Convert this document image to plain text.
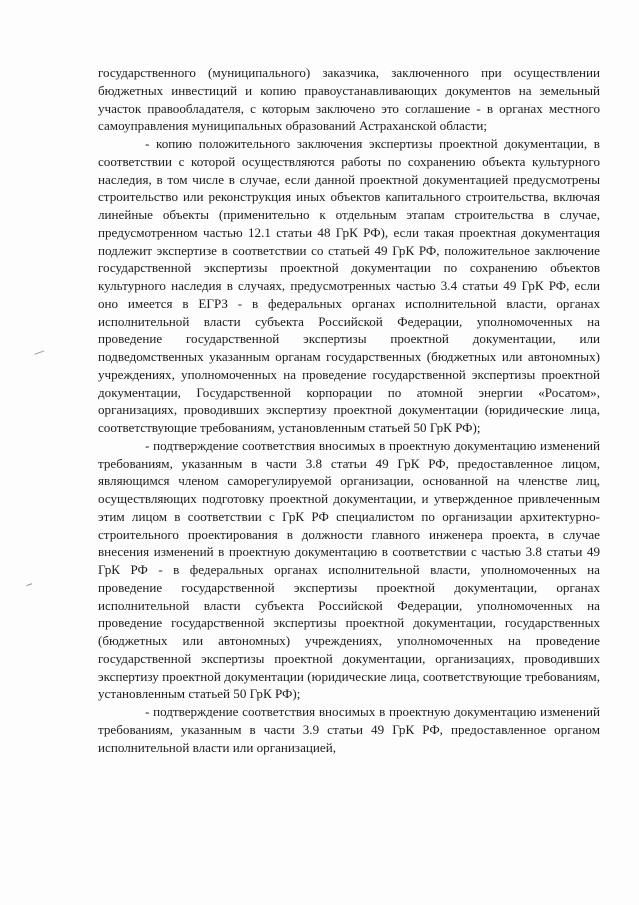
государственного (муниципального) заказчика, заключенного при осуществлении бюджетных инвестиций и копию правоустанавливающих документов на земельный участок правообладателя, с которым заключено это соглашение - в органах местного самоуправления муниципальных образований Астраханской области;

- копию положительного заключения экспертизы проектной документации, в соответствии с которой осуществляются работы по сохранению объекта культурного наследия, в том числе в случае, если данной проектной документацией предусмотрены строительство или реконструкция иных объектов капитального строительства, включая линейные объекты (применительно к отдельным этапам строительства в случае, предусмотренном частью 12.1 статьи 48 ГрК РФ), если такая проектная документация подлежит экспертизе в соответствии со статьей 49 ГрК РФ, положительное заключение государственной экспертизы проектной документации по сохранению объектов культурного наследия в случаях, предусмотренных частью 3.4 статьи 49 ГрК РФ, если оно имеется в ЕГРЗ - в федеральных органах исполнительной власти, органах исполнительной власти субъекта Российской Федерации, уполномоченных на проведение государственной экспертизы проектной документации, или подведомственных указанным органам государственных (бюджетных или автономных) учреждениях, уполномоченных на проведение государственной экспертизы проектной документации, Государственной корпорации по атомной энергии «Росатом», организациях, проводивших экспертизу проектной документации (юридические лица, соответствующие требованиям, установленным статьей 50 ГрК РФ);

- подтверждение соответствия вносимых в проектную документацию изменений требованиям, указанным в части 3.8 статьи 49 ГрК РФ, предоставленное лицом, являющимся членом саморегулируемой организации, основанной на членстве лиц, осуществляющих подготовку проектной документации, и утвержденное привлеченным этим лицом в соответствии с ГрК РФ специалистом по организации архитектурно-строительного проектирования в должности главного инженера проекта, в случае внесения изменений в проектную документацию в соответствии с частью 3.8 статьи 49 ГрК РФ - в федеральных органах исполнительной власти, уполномоченных на проведение государственной экспертизы проектной документации, органах исполнительной власти субъекта Российской Федерации, уполномоченных на проведение государственной экспертизы проектной документации, государственных (бюджетных или автономных) учреждениях, уполномоченных на проведение государственной экспертизы проектной документации, организациях, проводивших экспертизу проектной документации (юридические лица, соответствующие требованиям, установленным статьей 50 ГрК РФ);

- подтверждение соответствия вносимых в проектную документацию изменений требованиям, указанным в части 3.9 статьи 49 ГрК РФ, предоставленное органом исполнительной власти или организацией,
